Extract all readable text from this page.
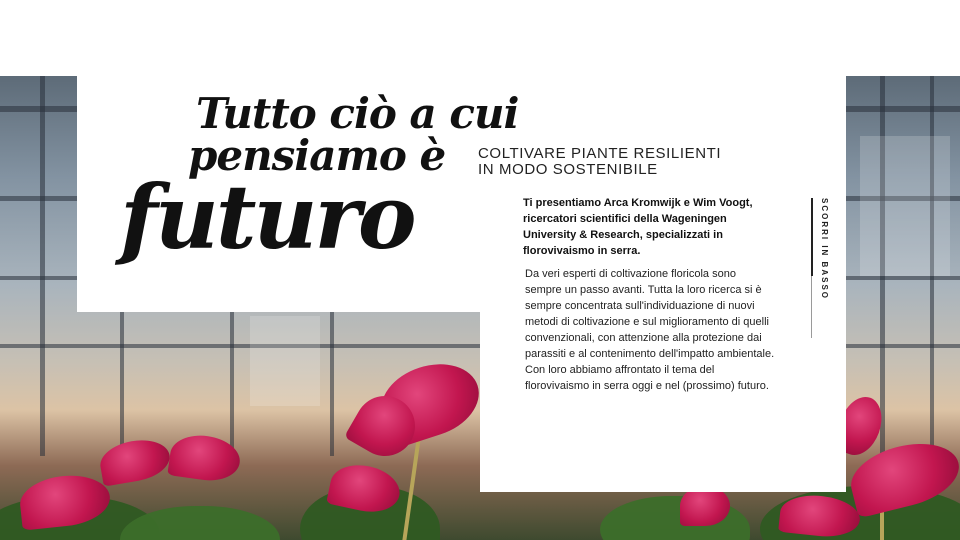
Tutto ciò a cui
pensiamo è
futuro
COLTIVARE PIANTE RESILIENTI
IN MODO SOSTENIBILE

Ti presentiamo Arca Kromwijk e Wim Voogt, ricercatori scientifici della Wageningen University & Research, specializzati in florovivaismo in serra.

Da veri esperti di coltivazione floricola sono sempre un passo avanti. Tutta la loro ricerca si è sempre concentrata sull'individuazione di nuovi metodi di coltivazione e sul miglioramento di quelli convenzionali, con attenzione alla protezione dai parassiti e al contenimento dell'impatto ambientale. Con loro abbiamo affrontato il tema del florovivaismo in serra oggi e nel (prossimo) futuro.

SCORRI IN BASSO
